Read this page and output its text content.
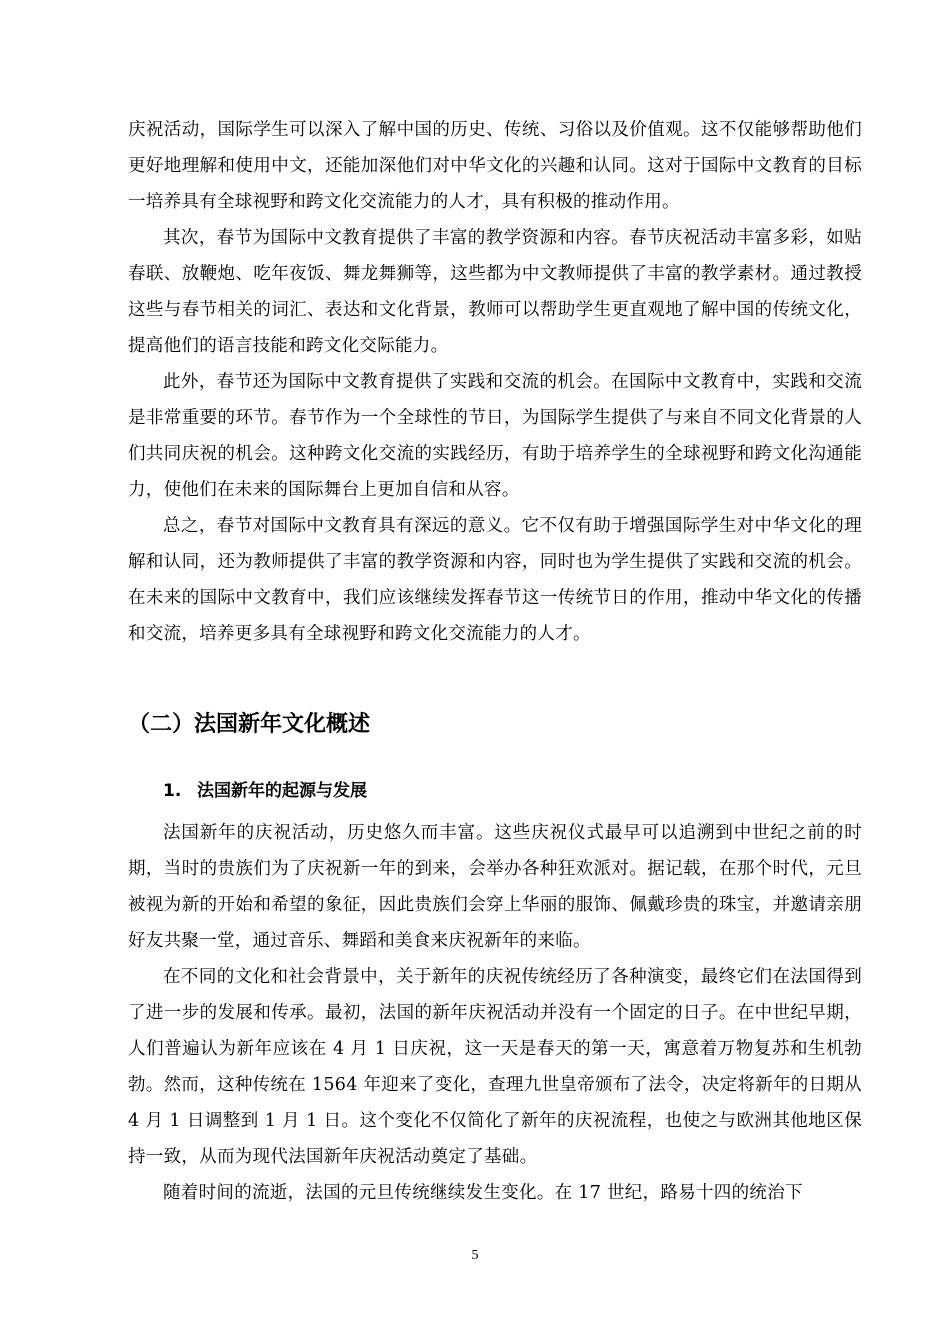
庆祝活动，国际学生可以深入了解中国的历史、传统、习俗以及价值观。这不仅能够帮助他们更好地理解和使用中文，还能加深他们对中华文化的兴趣和认同。这对于国际中文教育的目标一培养具有全球视野和跨文化交流能力的人才，具有积极的推动作用。

其次，春节为国际中文教育提供了丰富的教学资源和内容。春节庆祝活动丰富多彩，如贴春联、放鞭炮、吃年夜饭、舞龙舞狮等，这些都为中文教师提供了丰富的教学素材。通过教授这些与春节相关的词汇、表达和文化背景，教师可以帮助学生更直观地了解中国的传统文化，提高他们的语言技能和跨文化交际能力。

此外，春节还为国际中文教育提供了实践和交流的机会。在国际中文教育中，实践和交流是非常重要的环节。春节作为一个全球性的节日，为国际学生提供了与来自不同文化背景的人们共同庆祝的机会。这种跨文化交流的实践经历，有助于培养学生的全球视野和跨文化沟通能力，使他们在未来的国际舞台上更加自信和从容。

总之，春节对国际中文教育具有深远的意义。它不仅有助于增强国际学生对中华文化的理解和认同，还为教师提供了丰富的教学资源和内容，同时也为学生提供了实践和交流的机会。在未来的国际中文教育中，我们应该继续发挥春节这一传统节日的作用，推动中华文化的传播和交流，培养更多具有全球视野和跨文化交流能力的人才。

（二）法国新年文化概述
1. 法国新年的起源与发展

法国新年的庆祝活动，历史悠久而丰富。这些庆祝仪式最早可以追溯到中世纪之前的时期，当时的贵族们为了庆祝新一年的到来，会举办各种狂欢派对。据记载，在那个时代，元旦被视为新的开始和希望的象征，因此贵族们会穿上华丽的服饰、佩戴珍贵的珠宝，并邀请亲朋好友共聚一堂，通过音乐、舞蹈和美食来庆祝新年的来临。

在不同的文化和社会背景中，关于新年的庆祝传统经历了各种演变，最终它们在法国得到了进一步的发展和传承。最初，法国的新年庆祝活动并没有一个固定的日子。在中世纪早期，人们普遍认为新年应该在 4 月 1 日庆祝，这一天是春天的第一天，寓意着万物复苏和生机勃勃。然而，这种传统在 1564 年迎来了变化，查理九世皇帝颁布了法令，决定将新年的日期从 4 月 1 日调整到 1 月 1 日。这个变化不仅简化了新年的庆祝流程，也使之与欧洲其他地区保持一致，从而为现代法国新年庆祝活动奠定了基础。

随着时间的流逝，法国的元旦传统继续发生变化。在 17 世纪，路易十四的统治下

5
